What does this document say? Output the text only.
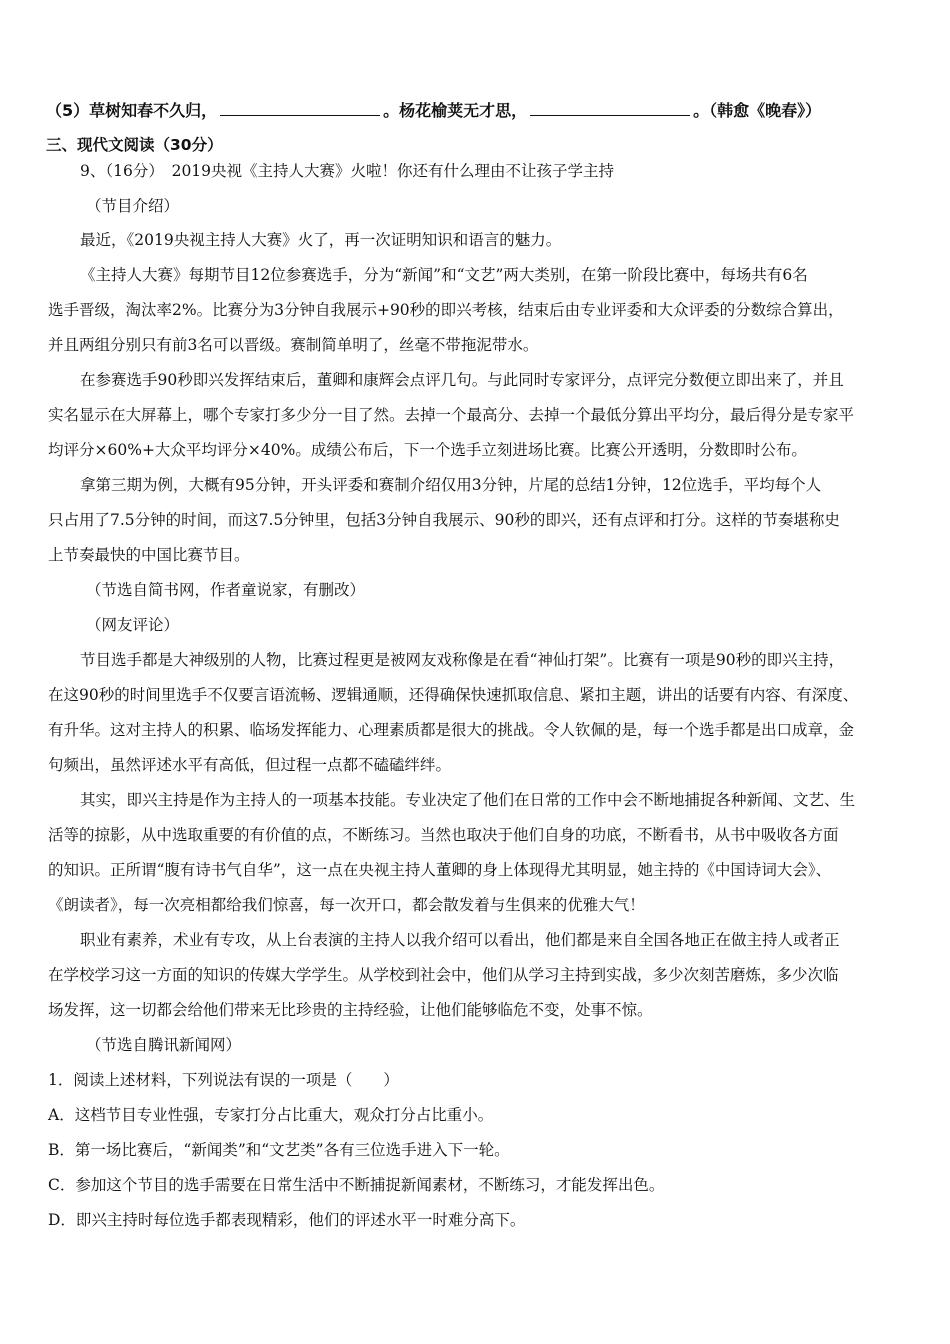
（5）草树知春不久归，	。杨花榆荚无才思，	。（韩愈《晚春》）
三、现代文阅读（30分）
9、（16分）　2019央视《主持人大赛》火啦！你还有什么理由不让孩子学主持
（节目介绍）
最近，《2019央视主持人大赛》火了，再一次证明知识和语言的魅力。
《主持人大赛》每期节目12位参赛选手，分为“新闻”和“文艺”两大类别，在第一阶段比赛中，每场共有6名
选手晋级，淘汰率2%。比赛分为3分钟自我展示+90秒的即兴考核，结束后由专业评委和大众评委的分数综合算出，
并且两组分别只有前3名可以晋级。赛制简单明了，丝毫不带拖泥带水。
在参赛选手90秒即兴发挥结束后，董卿和康辉会点评几句。与此同时专家评分，点评完分数便立即出来了，并且
实名显示在大屏幕上，哪个专家打多少分一目了然。去掉一个最高分、去掉一个最低分算出平均分，最后得分是专家平
均评分×60%+大众平均评分×40%。成绩公布后，下一个选手立刻进场比赛。比赛公开透明，分数即时公布。
拿第三期为例，大概有95分钟，开头评委和赛制介绍仅用3分钟，片尾的总结1分钟，12位选手，平均每个人
只占用了7.5分钟的时间，而这7.5分钟里，包括3分钟自我展示、90秒的即兴，还有点评和打分。这样的节奏堪称史
上节奏最快的中国比赛节目。
（节选自简书网，作者童说家，有删改）
（网友评论）
节目选手都是大神级别的人物，比赛过程更是被网友戏称像是在看“神仙打架”。比赛有一项是90秒的即兴主持，
在这90秒的时间里选手不仅要言语流畅、逻辑通顺，还得确保快速抓取信息、紧扣主题，讲出的话要有内容、有深度、
有升华。这对主持人的积累、临场发挥能力、心理素质都是很大的挑战。令人钦佩的是，每一个选手都是出口成章，金
句频出，虽然评述水平有高低，但过程一点都不磕磕绊绊。
其实，即兴主持是作为主持人的一项基本技能。专业决定了他们在日常的工作中会不断地捕捉各种新闻、文艺、生
活等的掠影，从中选取重要的有价值的点，不断练习。当然也取决于他们自身的功底，不断看书，从书中吸收各方面
的知识。正所谓“腹有诗书气自华”，这一点在央视主持人董卿的身上体现得尤其明显，她主持的《中国诗词大会》、
《朗读者》，每一次亮相都给我们惊喜，每一次开口，都会散发着与生俱来的优雅大气！
职业有素养，术业有专攻，从上台表演的主持人以我介绍可以看出，他们都是来自全国各地正在做主持人或者正
在学校学习这一方面的知识的传媒大学学生。从学校到社会中，他们从学习主持到实战，多少次刻苦磨炼，多少次临
场发挥，这一切都会给他们带来无比珍贵的主持经验，让他们能够临危不变，处事不惊。
（节选自腾讯新闻网）
1．阅读上述材料，下列说法有误的一项是（　　）
A．这档节目专业性强，专家打分占比重大，观众打分占比重小。
B．第一场比赛后，“新闻类”和“文艺类”各有三位选手进入下一轮。
C．参加这个节目的选手需要在日常生活中不断捕捉新闻素材，不断练习，才能发挥出色。
D．即兴主持时每位选手都表现精彩，他们的评述水平一时难分高下。
